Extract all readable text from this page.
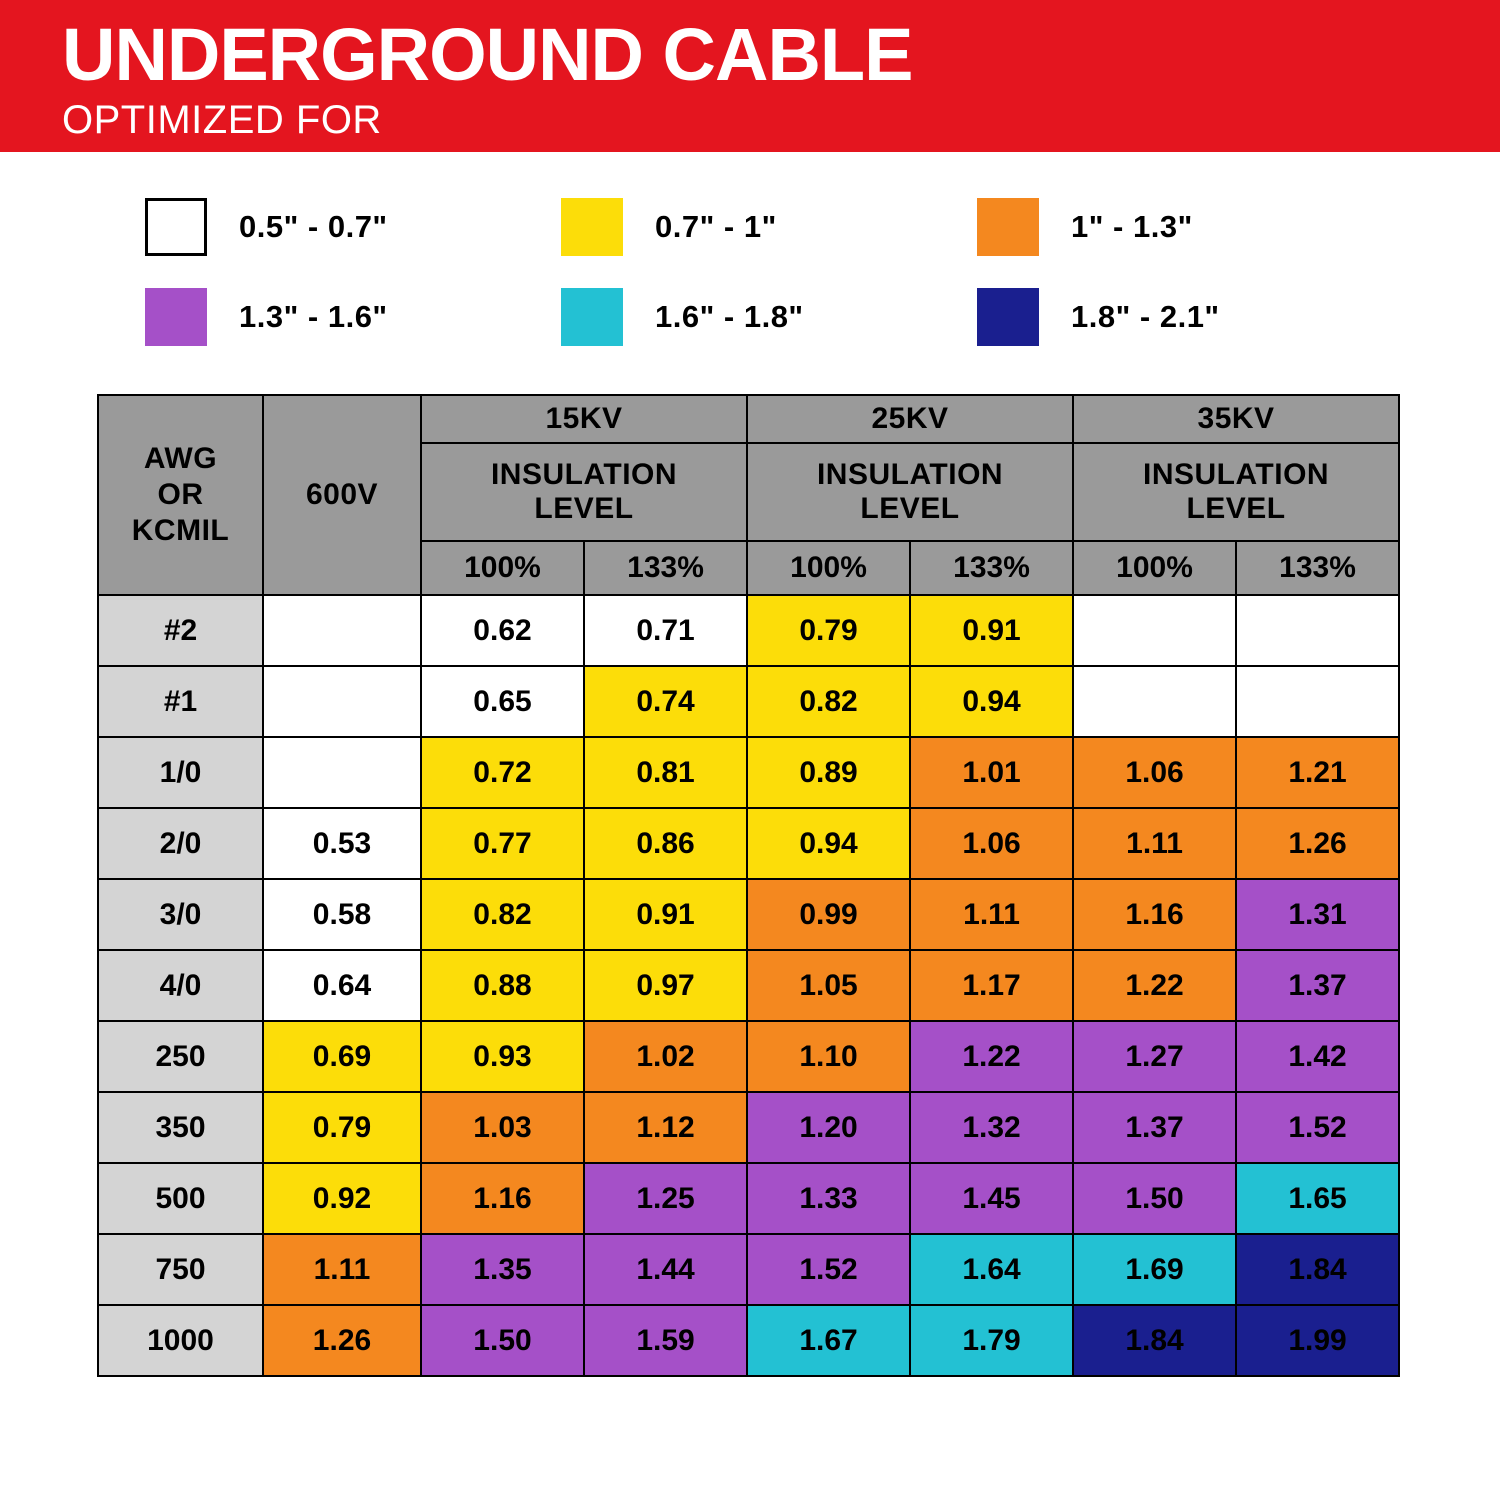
UNDERGROUND CABLE
OPTIMIZED FOR
0.5" - 0.7"	0.7" - 1"	1" - 1.3"
1.3" - 1.6"	1.6" - 1.8"	1.8" - 2.1"
AWG
OR
KCMIL	600V	15KV		25KV		35KV	

INSULATION
LEVEL

INSULATION
LEVEL

INSULATION
LEVEL

		100%	133%	100%	133%	100%	133%
#2		0.62	0.71	0.79	0.91		
#1		0.65	0.74	0.82	0.94		
1/0		0.72	0.81	0.89	1.01	1.06	1.21
2/0	0.53	0.77	0.86	0.94	1.06	1.11	1.26
3/0	0.58	0.82	0.91	0.99	1.11	1.16	1.31
4/0	0.64	0.88	0.97	1.05	1.17	1.22	1.37
250	0.69	0.93	1.02	1.10	1.22	1.27	1.42
350	0.79	1.03	1.12	1.20	1.32	1.37	1.52
500	0.92	1.16	1.25	1.33	1.45	1.50	1.65
750	1.11	1.35	1.44	1.52	1.64	1.69	1.84
1000	1.26	1.50	1.59	1.67	1.79	1.84	1.99
